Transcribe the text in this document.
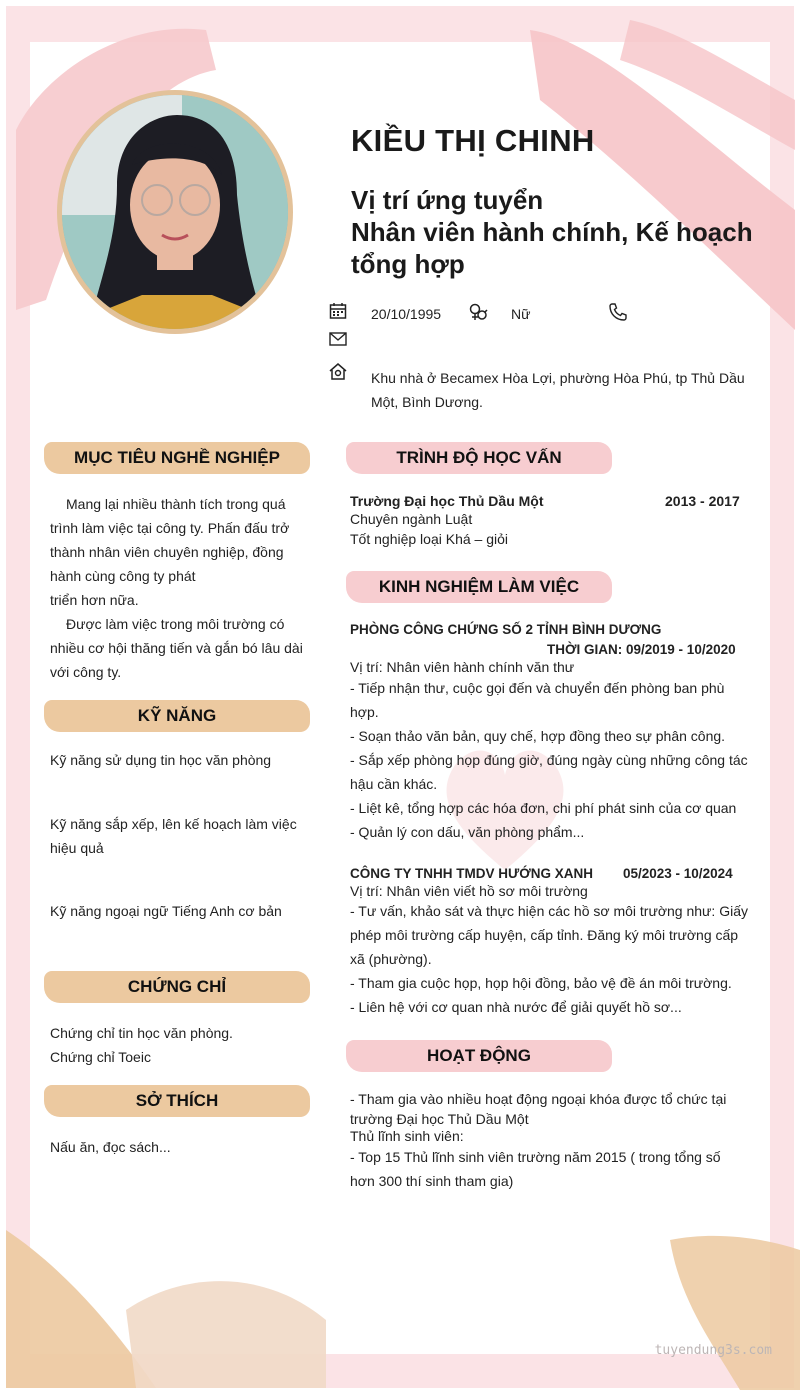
KIỀU THỊ CHINH
Vị trí ứng tuyển
Nhân viên hành chính, Kế hoạch
tổng hợp
20/10/1995	Nữ
Khu nhà ở Becamex Hòa Lợi, phường Hòa Phú, tp Thủ Dầu
Một, Bình Dương.
MỤC TIÊU NGHỀ NGHIỆP
Mang lại nhiều thành tích trong quá
trình làm việc tại công ty. Phấn đấu trở
thành nhân viên chuyên nghiệp, đồng
hành cùng công ty phát
triển hơn nữa.
Được làm việc trong môi trường có
nhiều cơ hội thăng tiến và gắn bó lâu dài
với công ty.
KỸ NĂNG
Kỹ năng sử dụng tin học văn phòng
Kỹ năng sắp xếp, lên kế hoạch làm việc
hiệu quả
Kỹ năng ngoại ngữ Tiếng Anh cơ bản
CHỨNG CHỈ
Chứng chỉ tin học văn phòng.
Chứng chỉ Toeic
SỞ THÍCH
Nấu ăn, đọc sách...
TRÌNH ĐỘ HỌC VẤN
Trường Đại học Thủ Dầu Một	2013 - 2017
Chuyên ngành Luật
Tốt nghiệp loại Khá – giỏi
KINH NGHIỆM LÀM VIỆC
PHÒNG CÔNG CHỨNG SỐ 2 TỈNH BÌNH DƯƠNG
THỜI GIAN: 09/2019 - 10/2020
Vị trí: Nhân viên hành chính văn thư
- Tiếp nhận thư, cuộc gọi đến và chuyển đến phòng ban phù
hợp.
- Soạn thảo văn bản, quy chế, hợp đồng theo sự phân công.
- Sắp xếp phòng họp đúng giờ, đúng ngày cùng những công tác
hậu cần khác.
- Liệt kê, tổng hợp các hóa đơn, chi phí phát sinh của cơ quan
- Quản lý con dấu, văn phòng phẩm...
CÔNG TY TNHH TMDV HƯỚNG XANH 05/2023 - 10/2024
Vị trí: Nhân viên viết hồ sơ môi trường
- Tư vấn, khảo sát và thực hiện các hồ sơ môi trường như: Giấy
phép môi trường cấp huyện, cấp tỉnh. Đăng ký môi trường cấp
xã (phường).
- Tham gia cuộc họp, họp hội đồng, bảo vệ đề án môi trường.
- Liên hệ với cơ quan nhà nước để giải quyết hồ sơ...
HOẠT ĐỘNG
- Tham gia vào nhiều hoạt động ngoại khóa được tổ chức tại
trường Đại học Thủ Dầu Một
Thủ lĩnh sinh viên:
- Top 15 Thủ lĩnh sinh viên trường năm 2015 ( trong tổng số
hơn 300 thí sinh tham gia)
tuyendung3s.com
